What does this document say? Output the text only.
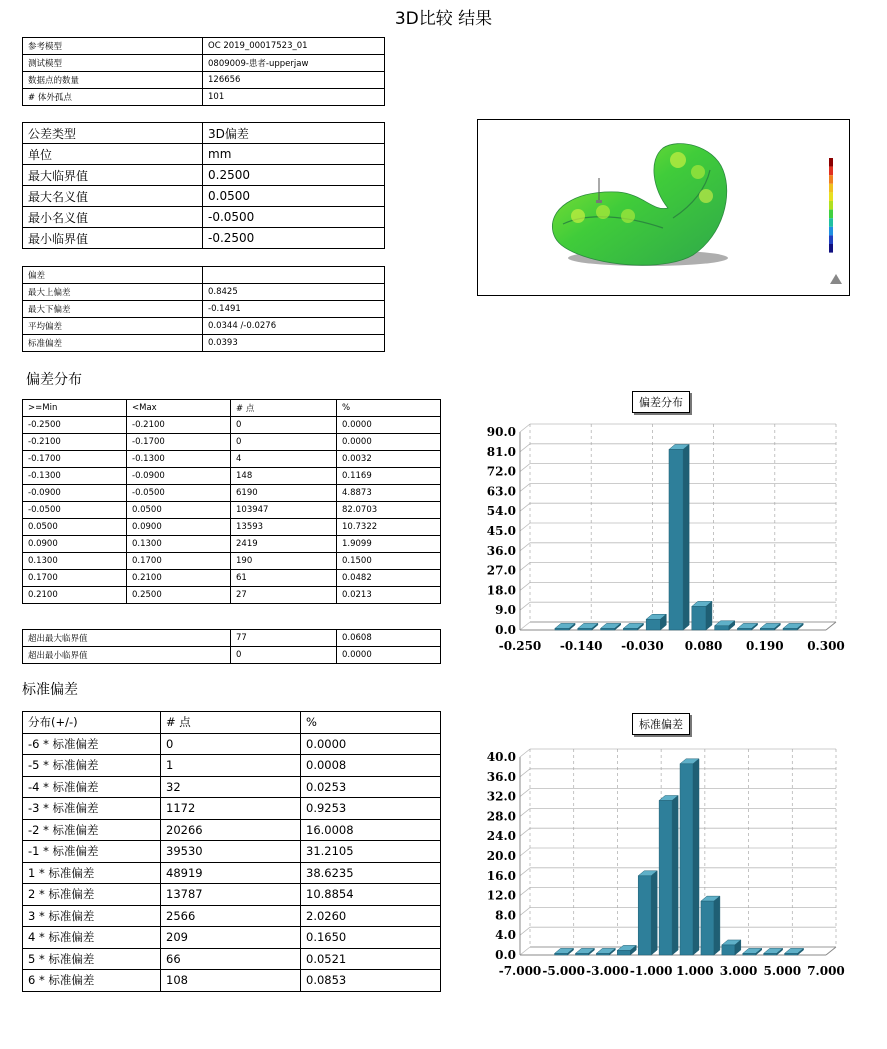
3D比较 结果
参考模型	OC 2019_00017523_01
测试模型	0809009-患者-upperjaw
数据点的数量	126656
# 体外孤点	101
公差类型	3D偏差
单位	mm
最大临界值	0.2500
最大名义值	0.0500
最小名义值	-0.0500
最小临界值	-0.2500
偏差	
最大上偏差	0.8425
最大下偏差	-0.1491
平均偏差	0.0344 /-0.0276
标准偏差	0.0393
偏差分布
>=Min	<Max	# 点	%
-0.2500	-0.2100	0	0.0000
-0.2100	-0.1700	0	0.0000
-0.1700	-0.1300	4	0.0032
-0.1300	-0.0900	148	0.1169
-0.0900	-0.0500	6190	4.8873
-0.0500	0.0500	103947	82.0703
0.0500	0.0900	13593	10.7322
0.0900	0.1300	2419	1.9099
0.1300	0.1700	190	0.1500
0.1700	0.2100	61	0.0482
0.2100	0.2500	27	0.0213
超出最大临界值	77	0.0608
超出最小临界值	0	0.0000
标准偏差
分布(+/-)	# 点	%
-6 * 标准偏差	0	0.0000
-5 * 标准偏差	1	0.0008
-4 * 标准偏差	32	0.0253
-3 * 标准偏差	1172	0.9253
-2 * 标准偏差	20266	16.0008
-1 * 标准偏差	39530	31.2105
1 * 标准偏差	48919	38.6235
2 * 标准偏差	13787	10.8854
3 * 标准偏差	2566	2.0260
4 * 标准偏差	209	0.1650
5 * 标准偏差	66	0.0521
6 * 标准偏差	108	0.0853
偏差分布
0.0
9.0
18.0
27.0
36.0
45.0
54.0
63.0
72.0
81.0
90.0
-0.250 -0.140 -0.030 0.080 0.190 0.300
标准偏差
0.0
4.0
8.0
12.0
16.0
20.0
24.0
28.0
32.0
36.0
40.0
-7.000 -5.000 -3.000 -1.000 1.000 3.000 5.000 7.000
